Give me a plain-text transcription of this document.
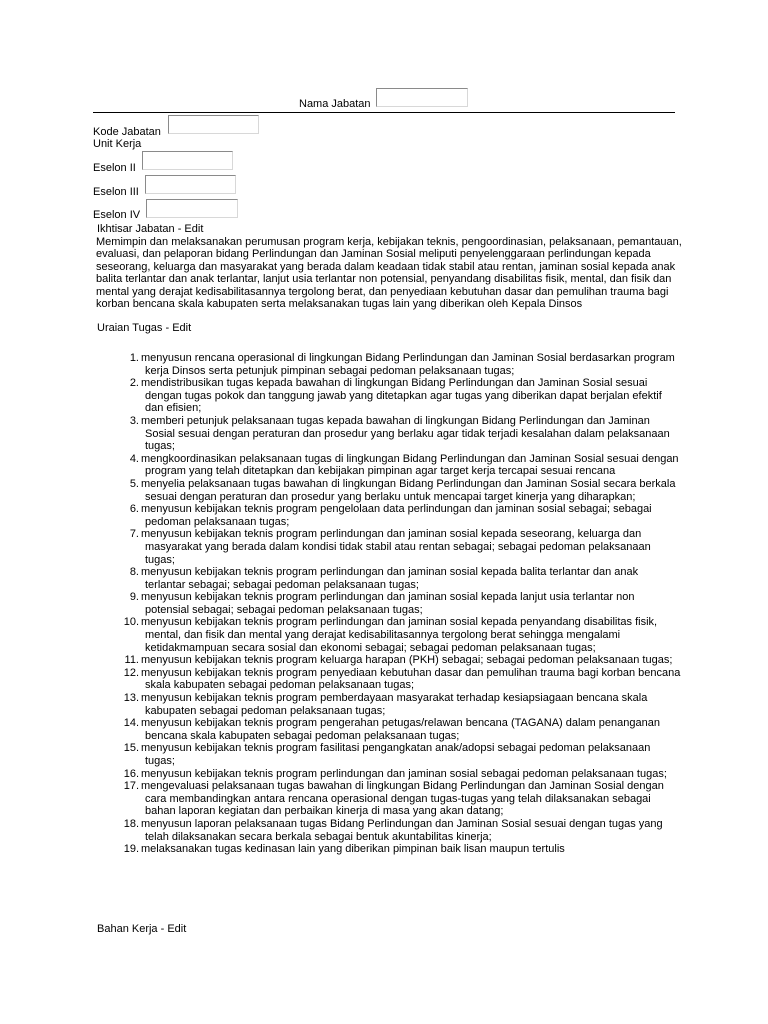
Nama Jabatan
Kode Jabatan
Unit Kerja
Eselon II
Eselon III
Eselon IV
Ikhtisar Jabatan - Edit
Memimpin dan melaksanakan perumusan program kerja, kebijakan teknis, pengoordinasian, pelaksanaan, pemantauan, evaluasi, dan pelaporan bidang Perlindungan dan Jaminan Sosial meliputi penyelenggaraan perlindungan kepada seseorang, keluarga dan masyarakat yang berada dalam keadaan tidak stabil atau rentan, jaminan sosial kepada anak balita terlantar dan anak terlantar, lanjut usia terlantar non potensial, penyandang disabilitas fisik, mental, dan fisik dan mental yang derajat kedisabilitasannya tergolong berat, dan penyediaan kebutuhan dasar dan pemulihan trauma bagi korban bencana skala kabupaten serta melaksanakan tugas lain yang diberikan oleh Kepala Dinsos
Uraian Tugas - Edit
1. menyusun rencana operasional di lingkungan Bidang Perlindungan dan Jaminan Sosial berdasarkan program kerja Dinsos serta petunjuk pimpinan sebagai pedoman pelaksanaan tugas;
2. mendistribusikan tugas kepada bawahan di lingkungan Bidang Perlindungan dan Jaminan Sosial sesuai dengan tugas pokok dan tanggung jawab yang ditetapkan agar tugas yang diberikan dapat berjalan efektif dan efisien;
3. memberi petunjuk pelaksanaan tugas kepada bawahan di lingkungan Bidang Perlindungan dan Jaminan Sosial sesuai dengan peraturan dan prosedur yang berlaku agar tidak terjadi kesalahan dalam pelaksanaan tugas;
4. mengkoordinasikan pelaksanaan tugas di lingkungan Bidang Perlindungan dan Jaminan Sosial sesuai dengan program yang telah ditetapkan dan kebijakan pimpinan agar target kerja tercapai sesuai rencana
5. menyelia pelaksanaan tugas bawahan di lingkungan Bidang Perlindungan dan Jaminan Sosial secara berkala sesuai dengan peraturan dan prosedur yang berlaku untuk mencapai target kinerja yang diharapkan;
6. menyusun kebijakan teknis program pengelolaan data perlindungan dan jaminan sosial sebagai; sebagai pedoman pelaksanaan tugas;
7. menyusun kebijakan teknis program perlindungan dan jaminan sosial kepada seseorang, keluarga dan masyarakat yang berada dalam kondisi tidak stabil atau rentan sebagai; sebagai pedoman pelaksanaan tugas;
8. menyusun kebijakan teknis program perlindungan dan jaminan sosial kepada balita terlantar dan anak terlantar sebagai; sebagai pedoman pelaksanaan tugas;
9. menyusun kebijakan teknis program perlindungan dan jaminan sosial kepada lanjut usia terlantar non potensial sebagai; sebagai pedoman pelaksanaan tugas;
10. menyusun kebijakan teknis program perlindungan dan jaminan sosial kepada penyandang disabilitas fisik, mental, dan fisik dan mental yang derajat kedisabilitasannya tergolong berat sehingga mengalami ketidakmampuan secara sosial dan ekonomi sebagai; sebagai pedoman pelaksanaan tugas;
11. menyusun kebijakan teknis program keluarga harapan (PKH) sebagai; sebagai pedoman pelaksanaan tugas;
12. menyusun kebijakan teknis program penyediaan kebutuhan dasar dan pemulihan trauma bagi korban bencana skala kabupaten sebagai pedoman pelaksanaan tugas;
13. menyusun kebijakan teknis program pemberdayaan masyarakat terhadap kesiapsiagaan bencana skala kabupaten sebagai pedoman pelaksanaan tugas;
14. menyusun kebijakan teknis program pengerahan petugas/relawan bencana (TAGANA) dalam penanganan bencana skala kabupaten sebagai pedoman pelaksanaan tugas;
15. menyusun kebijakan teknis program fasilitasi pengangkatan anak/adopsi sebagai pedoman pelaksanaan tugas;
16. menyusun kebijakan teknis program perlindungan dan jaminan sosial sebagai pedoman pelaksanaan tugas;
17. mengevaluasi pelaksanaan tugas bawahan di lingkungan Bidang Perlindungan dan Jaminan Sosial dengan cara membandingkan antara rencana operasional dengan tugas-tugas yang telah dilaksanakan sebagai bahan laporan kegiatan dan perbaikan kinerja di masa yang akan datang;
18. menyusun laporan pelaksanaan tugas Bidang Perlindungan dan Jaminan Sosial sesuai dengan tugas yang telah dilaksanakan secara berkala sebagai bentuk akuntabilitas kinerja;
19. melaksanakan tugas kedinasan lain yang diberikan pimpinan baik lisan maupun tertulis
Bahan Kerja - Edit
